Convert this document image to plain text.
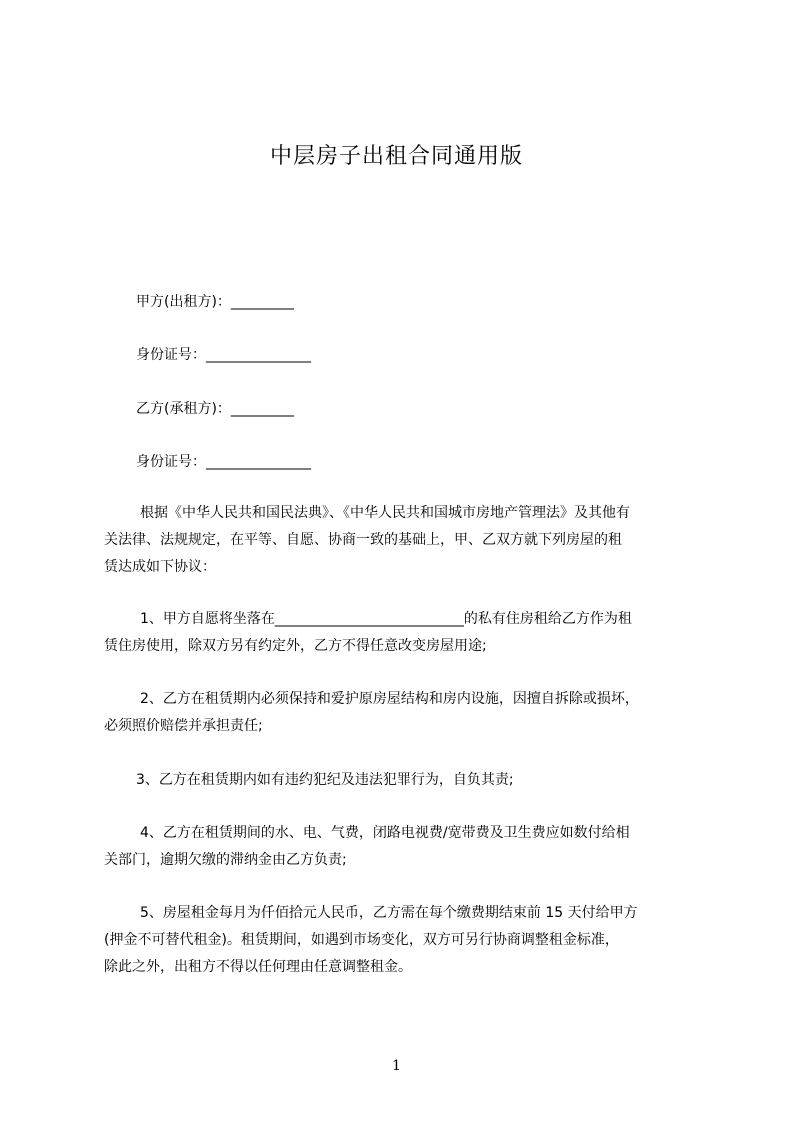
中层房子出租合同通用版
甲方(出租方)：_________
身份证号：_______________
乙方(承租方)：_________
身份证号：_______________
根据《中华人民共和国民法典》、《中华人民共和国城市房地产管理法》及其他有
关法律、法规规定，在平等、自愿、协商一致的基础上，甲、乙双方就下列房屋的租
赁达成如下协议：
1、甲方自愿将坐落在___________________________的私有住房租给乙方作为租
赁住房使用，除双方另有约定外，乙方不得任意改变房屋用途;
2、乙方在租赁期内必须保持和爱护原房屋结构和房内设施，因擅自拆除或损坏，
必须照价赔偿并承担责任;
3、乙方在租赁期内如有违约犯纪及违法犯罪行为，自负其责;
4、乙方在租赁期间的水、电、气费，闭路电视费/宽带费及卫生费应如数付给相
关部门，逾期欠缴的滞纳金由乙方负责;
5、房屋租金每月为仟佰拾元人民币，乙方需在每个缴费期结束前 15 天付给甲方
(押金不可替代租金)。租赁期间，如遇到市场变化，双方可另行协商调整租金标准，
除此之外，出租方不得以任何理由任意调整租金。
1
